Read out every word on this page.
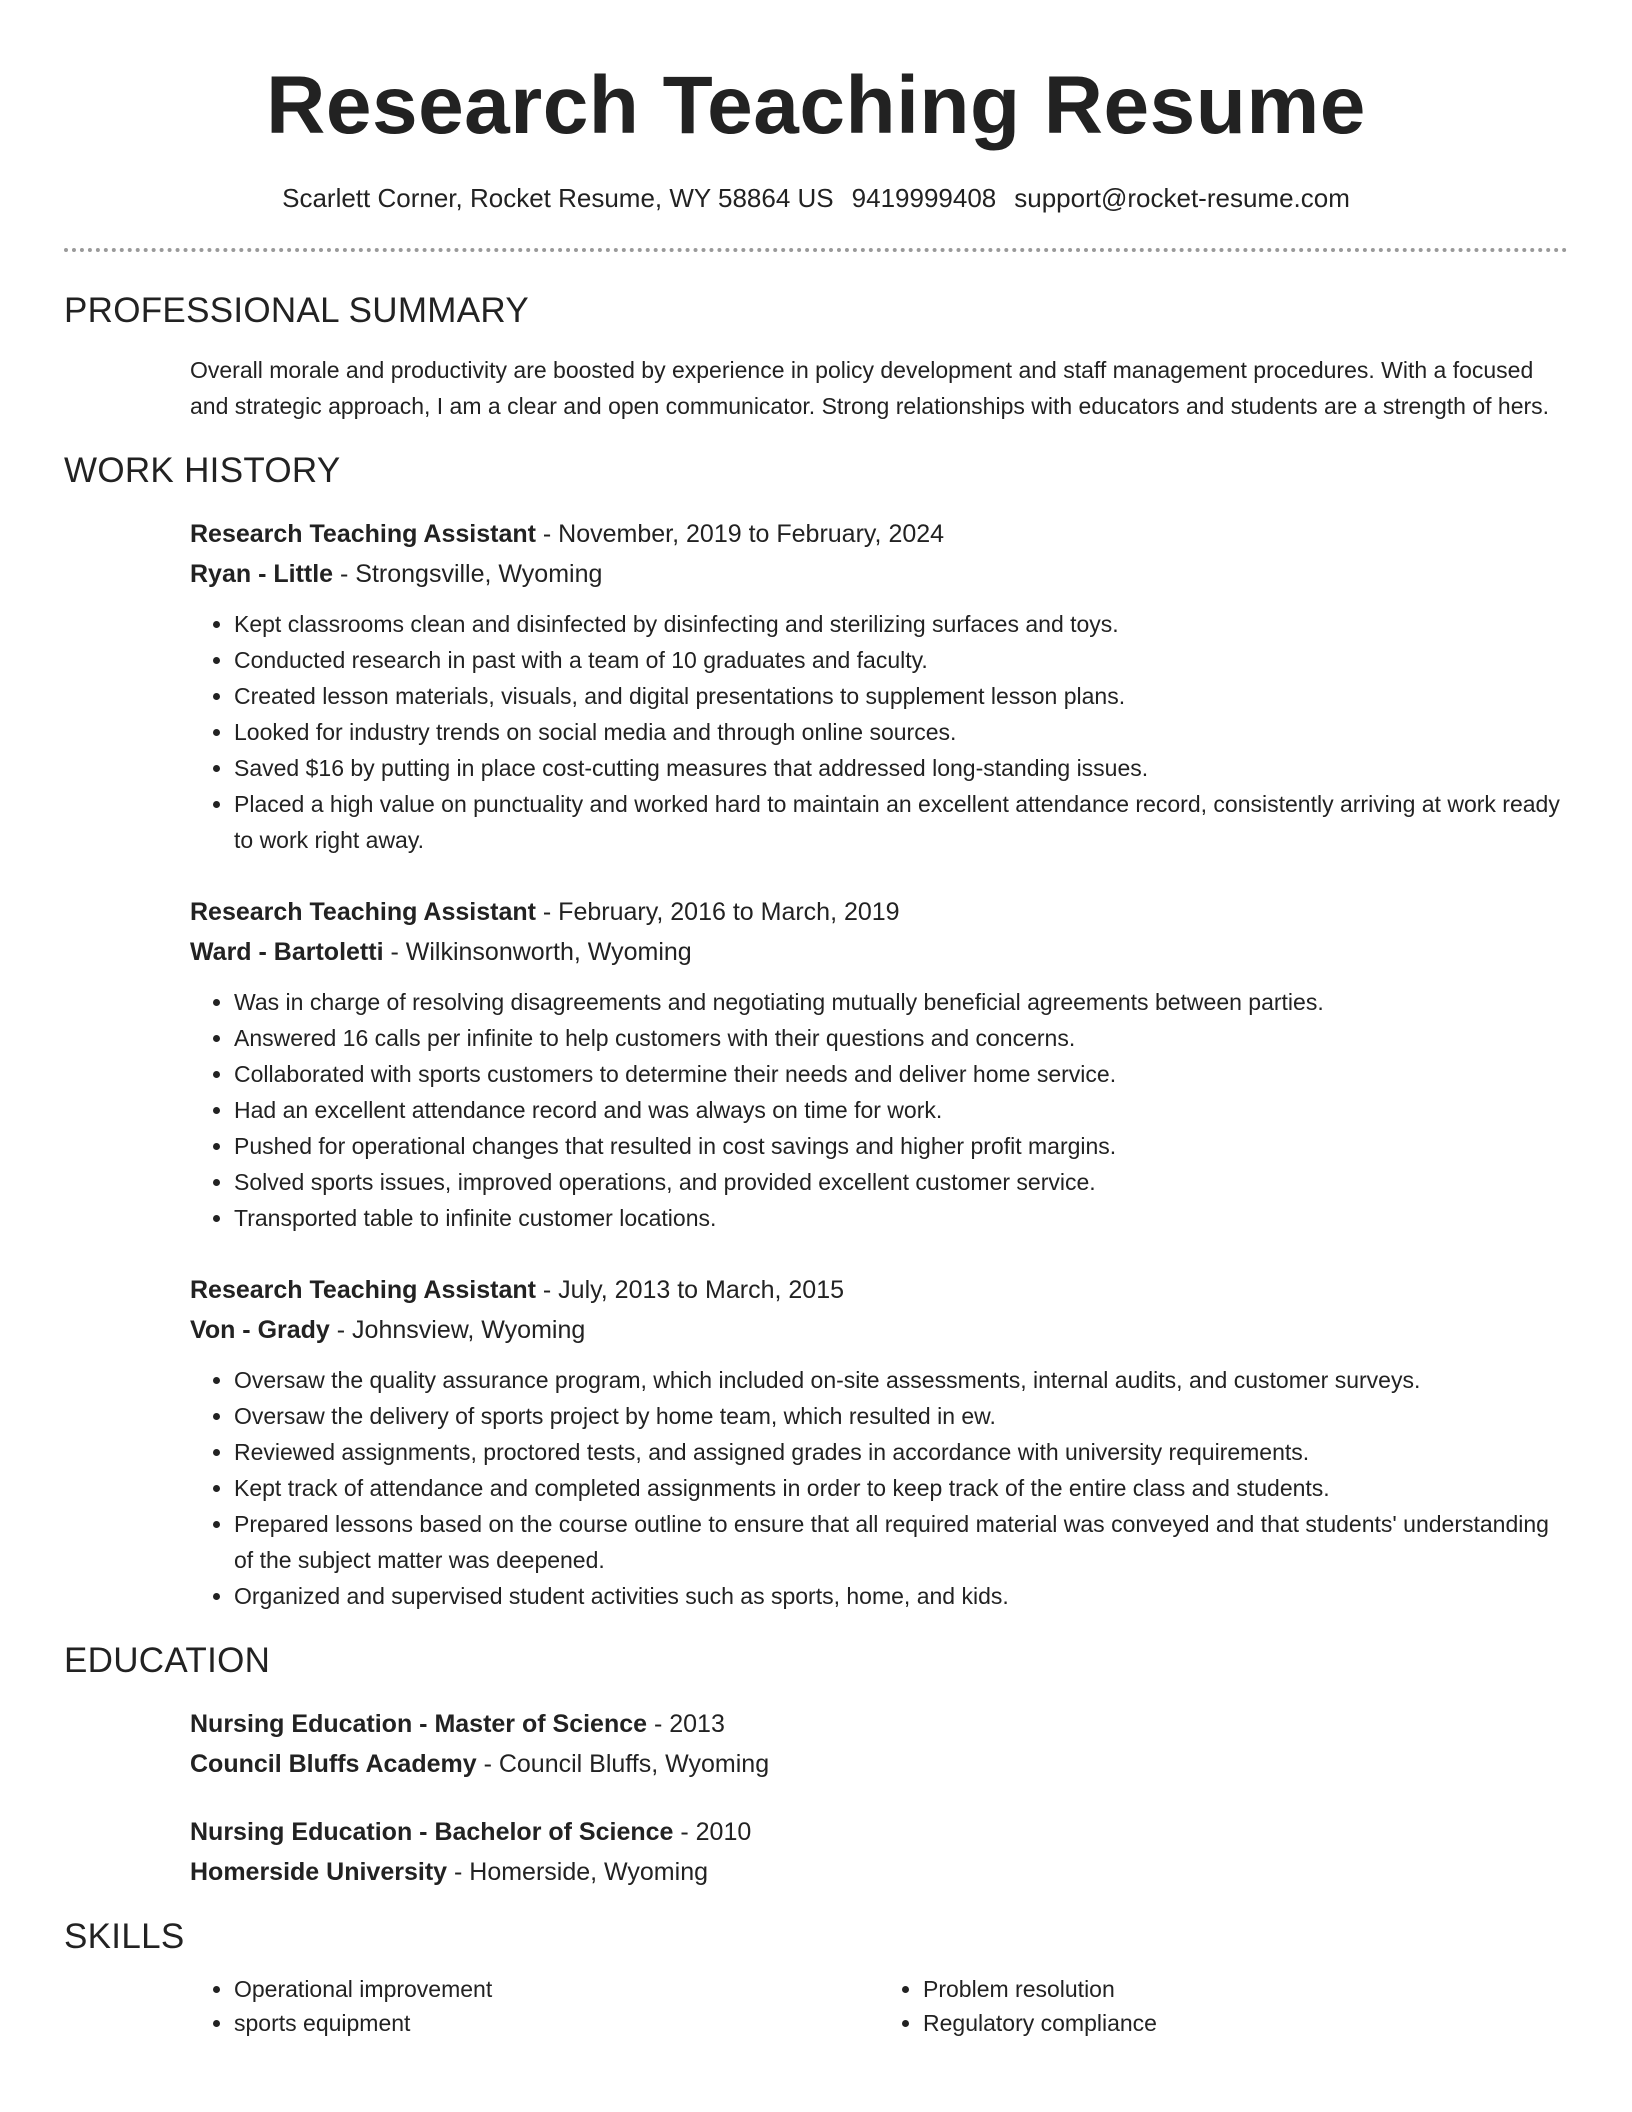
Research Teaching Resume
Scarlett Corner, Rocket Resume, WY 58864 US 9419999408 support@rocket-resume.com
PROFESSIONAL SUMMARY

Overall morale and productivity are boosted by experience in policy development and staff management procedures. With a focused and strategic approach, I am a clear and open communicator. Strong relationships with educators and students are a strength of hers.

WORK HISTORY
Research Teaching Assistant - November, 2019 to February, 2024
Ryan - Little - Strongsville, Wyoming
• Kept classrooms clean and disinfected by disinfecting and sterilizing surfaces and toys.
• Conducted research in past with a team of 10 graduates and faculty.
• Created lesson materials, visuals, and digital presentations to supplement lesson plans.
• Looked for industry trends on social media and through online sources.
• Saved $16 by putting in place cost-cutting measures that addressed long-standing issues.
• Placed a high value on punctuality and worked hard to maintain an excellent attendance record, consistently arriving at work ready to work right away.
Research Teaching Assistant - February, 2016 to March, 2019
Ward - Bartoletti - Wilkinsonworth, Wyoming
• Was in charge of resolving disagreements and negotiating mutually beneficial agreements between parties.
• Answered 16 calls per infinite to help customers with their questions and concerns.
• Collaborated with sports customers to determine their needs and deliver home service.
• Had an excellent attendance record and was always on time for work.
• Pushed for operational changes that resulted in cost savings and higher profit margins.
• Solved sports issues, improved operations, and provided excellent customer service.
• Transported table to infinite customer locations.
Research Teaching Assistant - July, 2013 to March, 2015
Von - Grady - Johnsview, Wyoming
• Oversaw the quality assurance program, which included on-site assessments, internal audits, and customer surveys.
• Oversaw the delivery of sports project by home team, which resulted in ew.
• Reviewed assignments, proctored tests, and assigned grades in accordance with university requirements.
• Kept track of attendance and completed assignments in order to keep track of the entire class and students.
• Prepared lessons based on the course outline to ensure that all required material was conveyed and that students' understanding of the subject matter was deepened.
• Organized and supervised student activities such as sports, home, and kids.
EDUCATION
Nursing Education - Master of Science - 2013
Council Bluffs Academy - Council Bluffs, Wyoming
Nursing Education - Bachelor of Science - 2010
Homerside University - Homerside, Wyoming
SKILLS
• Operational improvement
• sports equipment
• Problem resolution
• Regulatory compliance
